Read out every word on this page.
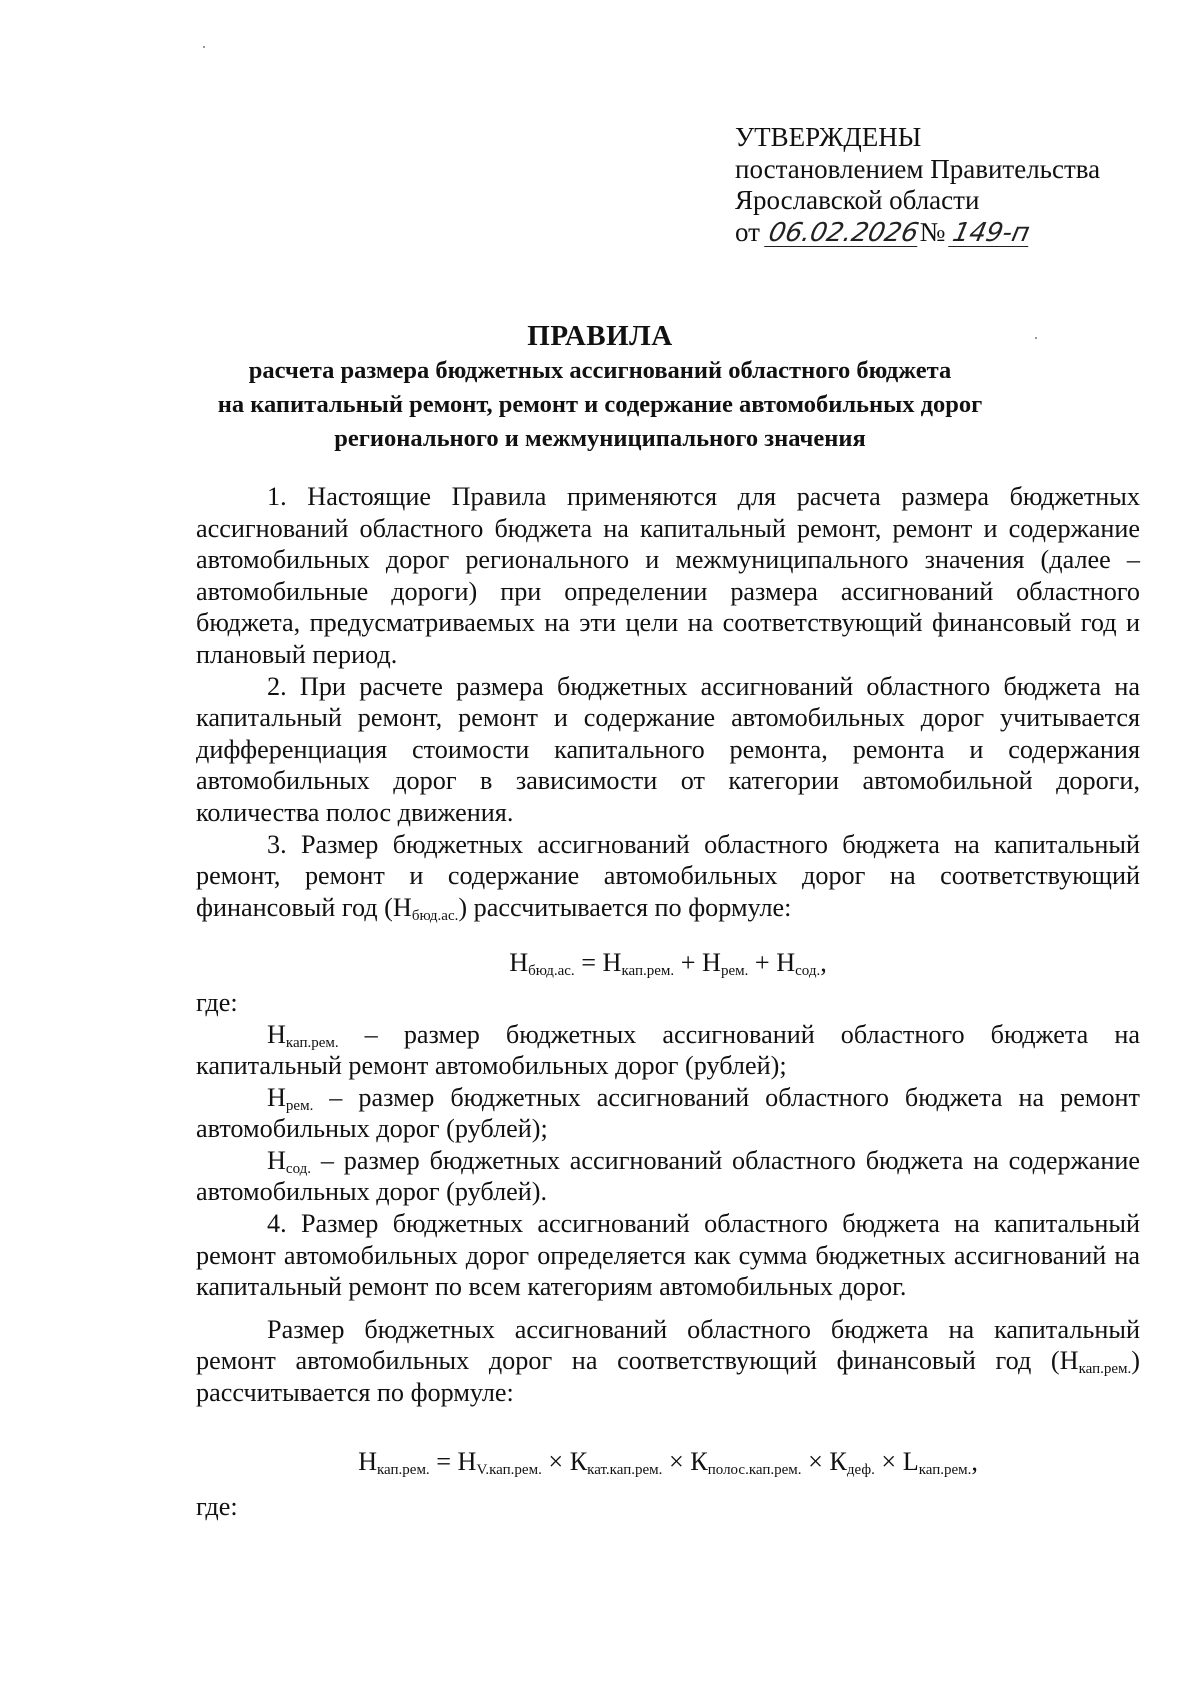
УТВЕРЖДЕНЫ
постановлением Правительства
Ярославской области
от 06.02.2026№ 149-п
ПРАВИЛА
расчета размера бюджетных ассигнований областного бюджета
на капитальный ремонт, ремонт и содержание автомобильных дорог
регионального и межмуниципального значения

1. Настоящие Правила применяются для расчета размера бюджетных ассигнований областного бюджета на капитальный ремонт, ремонт и содержание автомобильных дорог регионального и межмуниципального значения (далее – автомобильные дороги) при определении размера ассигнований областного бюджета, предусматриваемых на эти цели на соответствующий финансовый год и плановый период.

2. При расчете размера бюджетных ассигнований областного бюджета на капитальный ремонт, ремонт и содержание автомобильных дорог учитывается дифференциация стоимости капитального ремонта, ремонта и содержания автомобильных дорог в зависимости от категории автомобильной дороги, количества полос движения.

3. Размер бюджетных ассигнований областного бюджета на капитальный ремонт, ремонт и содержание автомобильных дорог на соответствующий финансовый год $(Н_{бюд.ас.})$ рассчитывается по формуле:

$Н_{бюд.ас.} = Н_{кап.рем.} + Н_{рем.} + Н_{сод.}$,

где:

$Н_{кап.рем.}$ – размер бюджетных ассигнований областного бюджета на капитальный ремонт автомобильных дорог (рублей);

$Н_{рем.}$ – размер бюджетных ассигнований областного бюджета на ремонт автомобильных дорог (рублей);

$Н_{сод.}$ – размер бюджетных ассигнований областного бюджета на содержание автомобильных дорог (рублей).

4. Размер бюджетных ассигнований областного бюджета на капитальный ремонт автомобильных дорог определяется как сумма бюджетных ассигнований на капитальный ремонт по всем категориям автомобильных дорог.

Размер бюджетных ассигнований областного бюджета на капитальный ремонт автомобильных дорог на соответствующий финансовый год $(Н_{кап.рем.})$ рассчитывается по формуле:

$Н_{кап.рем.} = Н_{V.кап.рем.} \times К_{кат.кап.рем.} \times К_{полос.кап.рем.} \times К_{деф.} \times L_{кап.рем.}$,

где:
